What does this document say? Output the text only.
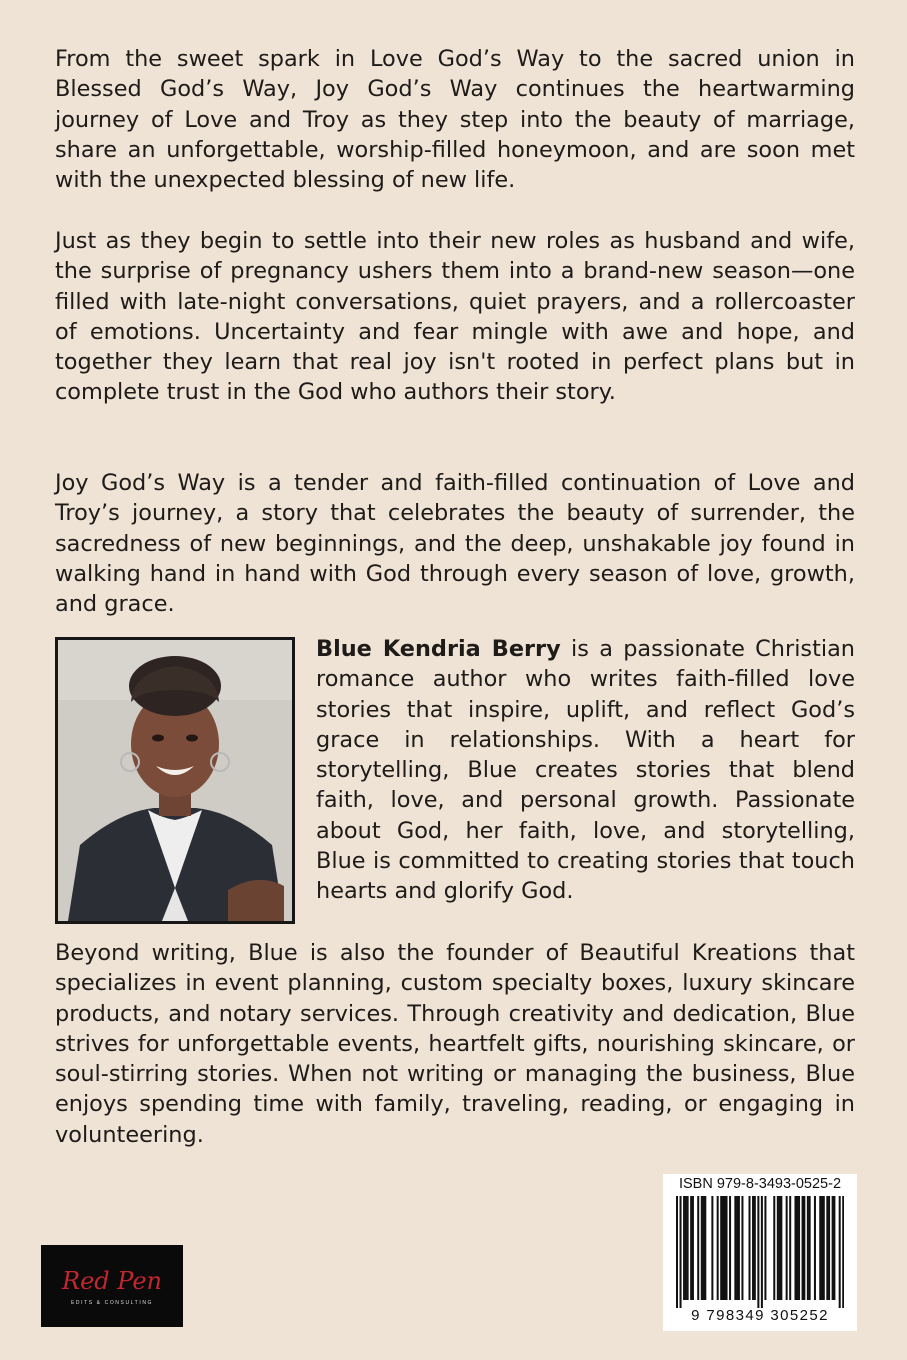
From the sweet spark in Love God’s Way to the sacred union in Blessed God’s Way, Joy God’s Way continues the heartwarming journey of Love and Troy as they step into the beauty of marriage, share an unforgettable, worship-filled honeymoon, and are soon met with the unexpected blessing of new life.

Just as they begin to settle into their new roles as husband and wife, the surprise of pregnancy ushers them into a brand-new season—one filled with late-night conversations, quiet prayers, and a rollercoaster of emotions. Uncertainty and fear mingle with awe and hope, and together they learn that real joy isn't rooted in perfect plans but in complete trust in the God who authors their story.

Joy God’s Way is a tender and faith-filled continuation of Love and Troy’s journey, a story that celebrates the beauty of surrender, the sacredness of new beginnings, and the deep, unshakable joy found in walking hand in hand with God through every season of love, growth, and grace.

Blue Kendria Berry is a passionate Christian romance author who writes faith-filled love stories that inspire, uplift, and reflect God’s grace in relationships. With a heart for storytelling, Blue creates stories that blend faith, love, and personal growth. Passionate about God, her faith, love, and storytelling, Blue is committed to creating stories that touch hearts and glorify God.

Beyond writing, Blue is also the founder of Beautiful Kreations that specializes in event planning, custom specialty boxes, luxury skincare products, and notary services. Through creativity and dedication, Blue strives for unforgettable events, heartfelt gifts, nourishing skincare, or soul-stirring stories. When not writing or managing the business, Blue enjoys spending time with family, traveling, reading, or engaging in volunteering.

Red Pen
EDITS & CONSULTING
ISBN 979-8-3493-0525-2
9 798349 305252
